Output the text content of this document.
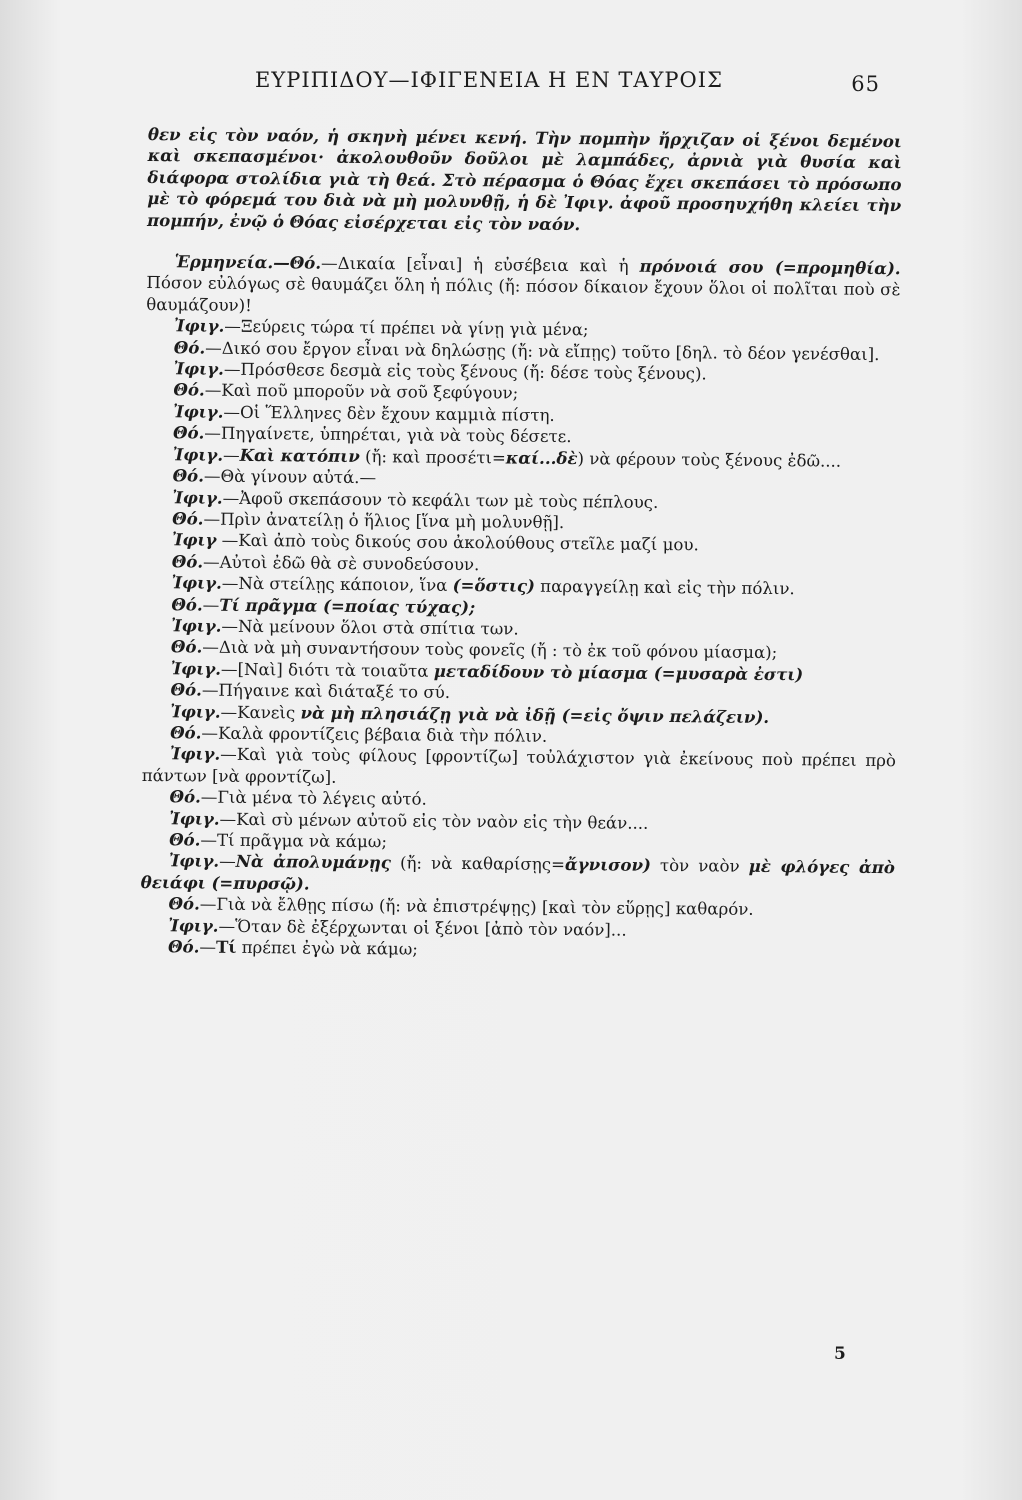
ΕΥΡΙΠΙΔΟΥ—ΙΦΙΓΕΝΕΙΑ Η ΕΝ ΤΑΥΡΟΙΣ	65

θεν εἰς τὸν ναόν, ἡ σκηνὴ μένει κενή. Τὴν πομπὴν ἤρχιζαν οἱ ξένοι δεμένοι καὶ σκεπασμένοι· ἀκολουθοῦν δοῦλοι μὲ λαμπάδες, ἀρνιὰ γιὰ θυσία καὶ διάφορα στολίδια γιὰ τὴ θεά. Στὸ πέρασμα ὁ Θόας ἔχει σκεπάσει τὸ πρόσωπο μὲ τὸ φόρεμά του διὰ νὰ μὴ μολυνθῇ, ἡ δὲ Ἰφιγ. ἀφοῦ προσηυχήθη κλείει τὴν πομπήν, ἐνῷ ὁ Θόας εἰσέρχεται εἰς τὸν ναόν.

Ἑρμηνεία.—Θό.—Δικαία [εἶναι] ἡ εὐσέβεια καὶ ἡ πρόνοιά σου (=προμηθία). Πόσον εὐλόγως σὲ θαυμάζει ὅλη ἡ πόλις (ἤ: πόσον δίκαιον ἔχουν ὅλοι οἱ πολῖται ποὺ σὲ θαυμάζουν)!

Ἰφιγ.—Ξεύρεις τώρα τί πρέπει νὰ γίνῃ γιὰ μένα;

Θό.—Δικό σου ἔργον εἶναι νὰ δηλώσῃς (ἤ: νὰ εἴπῃς) τοῦτο [δηλ. τὸ δέον γενέσθαι].

Ἰφιγ.—Πρόσθεσε δεσμὰ εἰς τοὺς ξένους (ἤ: δέσε τοὺς ξένους).

Θό.—Καὶ ποῦ μποροῦν νὰ σοῦ ξεφύγουν;

Ἰφιγ.—Οἱ Ἕλληνες δὲν ἔχουν καμμιὰ πίστη.

Θό.—Πηγαίνετε, ὑπηρέται, γιὰ νὰ τοὺς δέσετε.

Ἰφιγ.—Καὶ κατόπιν (ἤ: καὶ προσέτι=καί...δὲ) νὰ φέρουν τοὺς ξένους ἐδῶ....

Θό.—Θὰ γίνουν αὐτά.—

Ἰφιγ.—Ἀφοῦ σκεπάσουν τὸ κεφάλι των μὲ τοὺς πέπλους.

Θό.—Πρὶν ἀνατείλῃ ὁ ἥλιος [ἵνα μὴ μολυνθῇ].

Ἰφιγ —Καὶ ἀπὸ τοὺς δικούς σου ἀκολούθους στεῖλε μαζί μου.

Θό.—Αὐτοὶ ἐδῶ θὰ σὲ συνοδεύσουν.

Ἰφιγ.—Νὰ στείλῃς κάποιον, ἵνα (=ὅστις) παραγγείλῃ καὶ εἰς τὴν πόλιν.

Θό.—Τί πρᾶγμα (=ποίας τύχας);

Ἰφιγ.—Νὰ μείνουν ὅλοι στὰ σπίτια των.

Θό.—Διὰ νὰ μὴ συναντήσουν τοὺς φονεῖς (ἤ : τὸ ἐκ τοῦ φόνου μίασμα);

Ἰφιγ.—[Ναὶ] διότι τὰ τοιαῦτα μεταδίδουν τὸ μίασμα (=μυσαρὰ ἐστι)

Θό.—Πήγαινε καὶ διάταξέ το σύ.

Ἰφιγ.—Κανεὶς νὰ μὴ πλησιάζῃ γιὰ νὰ ἰδῇ (=εἰς ὄψιν πελάζειν).

Θό.—Καλὰ φροντίζεις βέβαια διὰ τὴν πόλιν.

Ἰφιγ.—Καὶ γιὰ τοὺς φίλους [φροντίζω] τοὐλάχιστον γιὰ ἐκείνους ποὺ πρέπει πρὸ πάντων [νὰ φροντίζω].

Θό.—Γιὰ μένα τὸ λέγεις αὐτό.

Ἰφιγ.—Καὶ σὺ μένων αὐτοῦ εἰς τὸν ναὸν εἰς τὴν θεάν....

Θό.—Τί πρᾶγμα νὰ κάμω;

Ἰφιγ.—Νὰ ἀπολυμάνῃς (ἤ: νὰ καθαρίσῃς=ἄγνισον) τὸν ναὸν μὲ φλόγες ἀπὸ θειάφι (=πυρσῷ).

Θό.—Γιὰ νὰ ἔλθῃς πίσω (ἤ: νὰ ἐπιστρέψῃς) [καὶ τὸν εὕρῃς] καθαρόν.

Ἰφιγ.—Ὅταν δὲ ἐξέρχωνται οἱ ξένοι [ἀπὸ τὸν ναόν]...

Θό.—Τί πρέπει ἐγὼ νὰ κάμω;

5
